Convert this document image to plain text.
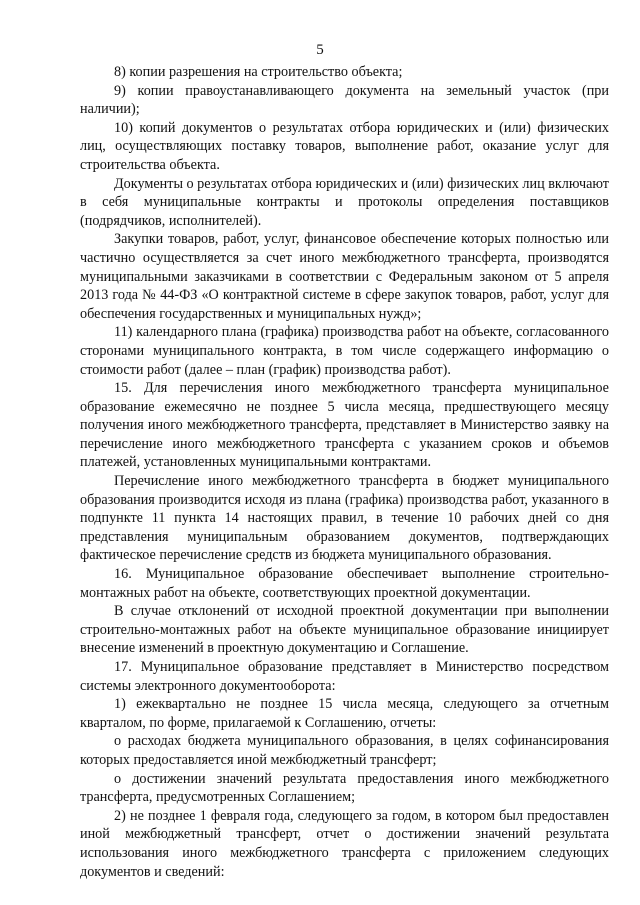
5

8) копии разрешения на строительство объекта;

9) копии правоустанавливающего документа на земельный участок (при наличии);

10) копий документов о результатах отбора юридических и (или) физических лиц, осуществляющих поставку товаров, выполнение работ, оказание услуг для строительства объекта.

Документы о результатах отбора юридических и (или) физических лиц включают в себя муниципальные контракты и протоколы определения поставщиков (подрядчиков, исполнителей).

Закупки товаров, работ, услуг, финансовое обеспечение которых полностью или частично осуществляется за счет иного межбюджетного трансферта, производятся муниципальными заказчиками в соответствии с Федеральным законом от 5 апреля 2013 года № 44-ФЗ «О контрактной системе в сфере закупок товаров, работ, услуг для обеспечения государственных и муниципальных нужд»;

11) календарного плана (графика) производства работ на объекте, согласованного сторонами муниципального контракта, в том числе содержащего информацию о стоимости работ (далее – план (график) производства работ).

15. Для перечисления иного межбюджетного трансферта муниципальное образование ежемесячно не позднее 5 числа месяца, предшествующего месяцу получения иного межбюджетного трансферта, представляет в Министерство заявку на перечисление иного межбюджетного трансферта с указанием сроков и объемов платежей, установленных муниципальными контрактами.

Перечисление иного межбюджетного трансферта в бюджет муниципального образования производится исходя из плана (графика) производства работ, указанного в подпункте 11 пункта 14 настоящих правил, в течение 10 рабочих дней со дня представления муниципальным образованием документов, подтверждающих фактическое перечисление средств из бюджета муниципального образования.

16. Муниципальное образование обеспечивает выполнение строительно-монтажных работ на объекте, соответствующих проектной документации.

В случае отклонений от исходной проектной документации при выполнении строительно-монтажных работ на объекте муниципальное образование инициирует внесение изменений в проектную документацию и Соглашение.

17. Муниципальное образование представляет в Министерство посредством системы электронного документооборота:

1) ежеквартально не позднее 15 числа месяца, следующего за отчетным кварталом, по форме, прилагаемой к Соглашению, отчеты:

о расходах бюджета муниципального образования, в целях софинансирования которых предоставляется иной межбюджетный трансферт;

о достижении значений результата предоставления иного межбюджетного трансферта, предусмотренных Соглашением;

2) не позднее 1 февраля года, следующего за годом, в котором был предоставлен иной межбюджетный трансферт, отчет о достижении значений результата использования иного межбюджетного трансферта с приложением следующих документов и сведений:
